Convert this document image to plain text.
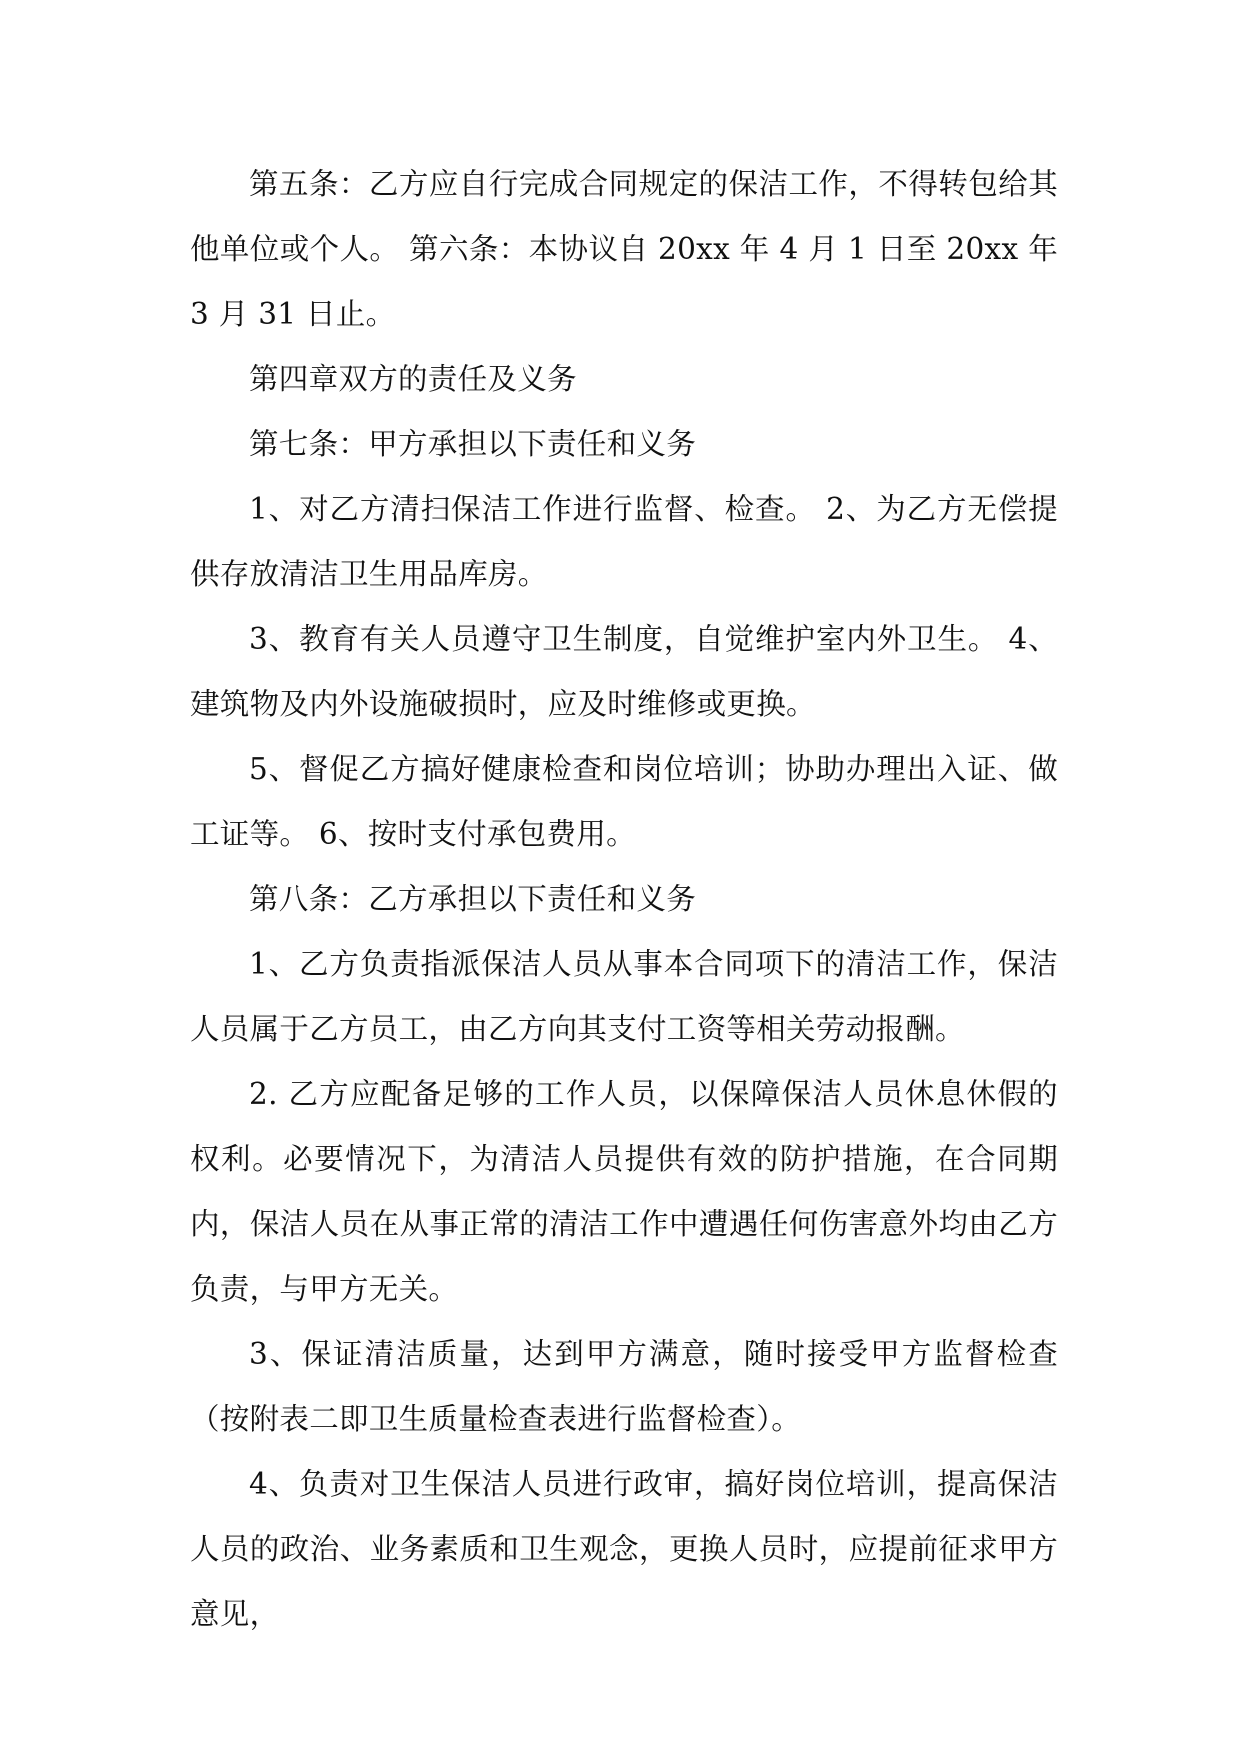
第五条：乙方应自行完成合同规定的保洁工作，不得转包给其他单位或个人。 第六条：本协议自 20xx 年 4 月 1 日至 20xx 年 3 月 31 日止。

第四章双方的责任及义务

第七条：甲方承担以下责任和义务

1、对乙方清扫保洁工作进行监督、检查。 2、为乙方无偿提供存放清洁卫生用品库房。

3、教育有关人员遵守卫生制度，自觉维护室内外卫生。 4、建筑物及内外设施破损时，应及时维修或更换。

5、督促乙方搞好健康检查和岗位培训；协助办理出入证、做工证等。 6、按时支付承包费用。

第八条：乙方承担以下责任和义务

1、乙方负责指派保洁人员从事本合同项下的清洁工作，保洁人员属于乙方员工，由乙方向其支付工资等相关劳动报酬。

2. 乙方应配备足够的工作人员，以保障保洁人员休息休假的权利。必要情况下，为清洁人员提供有效的防护措施，在合同期内，保洁人员在从事正常的清洁工作中遭遇任何伤害意外均由乙方负责，与甲方无关。

3、保证清洁质量，达到甲方满意，随时接受甲方监督检查（按附表二即卫生质量检查表进行监督检查）。

4、负责对卫生保洁人员进行政审，搞好岗位培训，提高保洁人员的政治、业务素质和卫生观念，更换人员时，应提前征求甲方意见，
